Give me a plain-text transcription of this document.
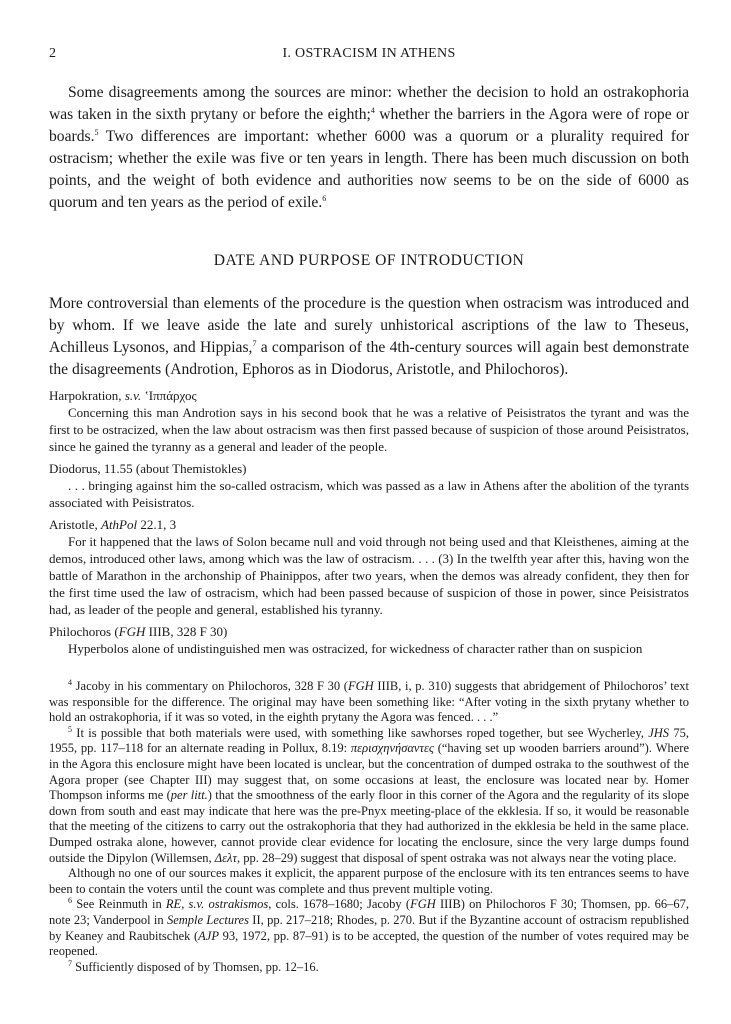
2	I. OSTRACISM IN ATHENS

Some disagreements among the sources are minor: whether the decision to hold an ostrakophoria was taken in the sixth prytany or before the eighth;$^4$ whether the barriers in the Agora were of rope or boards.$^5$ Two differences are important: whether 6000 was a quorum or a plurality required for ostracism; whether the exile was five or ten years in length. There has been much discussion on both points, and the weight of both evidence and authorities now seems to be on the side of 6000 as quorum and ten years as the period of exile.$^6$

DATE AND PURPOSE OF INTRODUCTION

More controversial than elements of the procedure is the question when ostracism was introduced and by whom. If we leave aside the late and surely unhistorical ascriptions of the law to Theseus, Achilleus Lysonos, and Hippias,$^7$ a comparison of the 4th-century sources will again best demonstrate the disagreements (Androtion, Ephoros as in Diodorus, Aristotle, and Philochoros).

Harpokration, s.v. ʽΙππάρχος

Concerning this man Androtion says in his second book that he was a relative of Peisistratos the tyrant and was the first to be ostracized, when the law about ostracism was then first passed because of suspicion of those around Peisistratos, since he gained the tyranny as a general and leader of the people.

Diodorus, 11.55 (about Themistokles)

. . . bringing against him the so-called ostracism, which was passed as a law in Athens after the abolition of the tyrants associated with Peisistratos.

Aristotle, AthPol 22.1, 3

For it happened that the laws of Solon became null and void through not being used and that Kleisthenes, aiming at the demos, introduced other laws, among which was the law of ostracism. . . . (3) In the twelfth year after this, having won the battle of Marathon in the archonship of Phainippos, after two years, when the demos was already confident, they then for the first time used the law of ostracism, which had been passed because of suspicion of those in power, since Peisistratos had, as leader of the people and general, established his tyranny.

Philochoros (FGH IIIB, 328 F 30)

Hyperbolos alone of undistinguished men was ostracized, for wickedness of character rather than on suspicion

$^4$ Jacoby in his commentary on Philochoros, 328 F 30 (FGH IIIB, i, p. 310) suggests that abridgement of Philochoros’ text was responsible for the difference. The original may have been something like: “After voting in the sixth prytany whether to hold an ostrakophoria, if it was so voted, in the eighth prytany the Agora was fenced. . . .”

$^5$ It is possible that both materials were used, with something like sawhorses roped together, but see Wycherley, JHS 75, 1955, pp. 117–118 for an alternate reading in Pollux, 8.19: περισχηνήσαντες (“having set up wooden barriers around”). Where in the Agora this enclosure might have been located is unclear, but the concentration of dumped ostraka to the southwest of the Agora proper (see Chapter III) may suggest that, on some occasions at least, the enclosure was located near by. Homer Thompson informs me (per litt.) that the smoothness of the early floor in this corner of the Agora and the regularity of its slope down from south and east may indicate that here was the pre-Pnyx meeting-place of the ekklesia. If so, it would be reasonable that the meeting of the citizens to carry out the ostrakophoria that they had authorized in the ekklesia be held in the same place. Dumped ostraka alone, however, cannot provide clear evidence for locating the enclosure, since the very large dumps found outside the Dipylon (Willemsen, Δελτ, pp. 28–29) suggest that disposal of spent ostraka was not always near the voting place.

Although no one of our sources makes it explicit, the apparent purpose of the enclosure with its ten entrances seems to have been to contain the voters until the count was complete and thus prevent multiple voting.

$^6$ See Reinmuth in RE, s.v. ostrakismos, cols. 1678–1680; Jacoby (FGH IIIB) on Philochoros F 30; Thomsen, pp. 66–67, note 23; Vanderpool in Semple Lectures II, pp. 217–218; Rhodes, p. 270. But if the Byzantine account of ostracism republished by Keaney and Raubitschek (AJP 93, 1972, pp. 87–91) is to be accepted, the question of the number of votes required may be reopened.

$^7$ Sufficiently disposed of by Thomsen, pp. 12–16.
